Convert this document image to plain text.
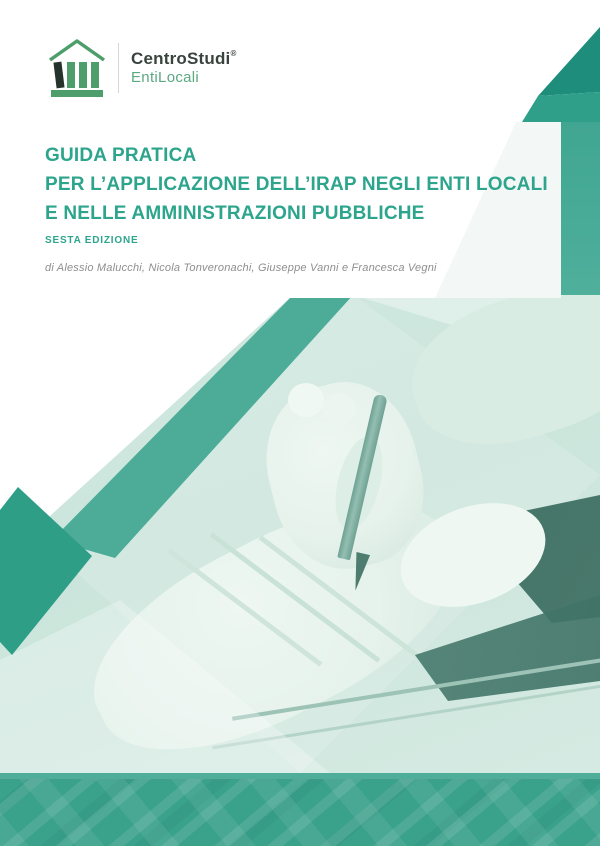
CentroStudi®
EntiLocali
GUIDA PRATICA
PER L’APPLICAZIONE DELL’IRAP NEGLI ENTI LOCALI
E NELLE AMMINISTRAZIONI PUBBLICHE
SESTA EDIZIONE
di Alessio Malucchi, Nicola Tonveronachi, Giuseppe Vanni e Francesca Vegni
